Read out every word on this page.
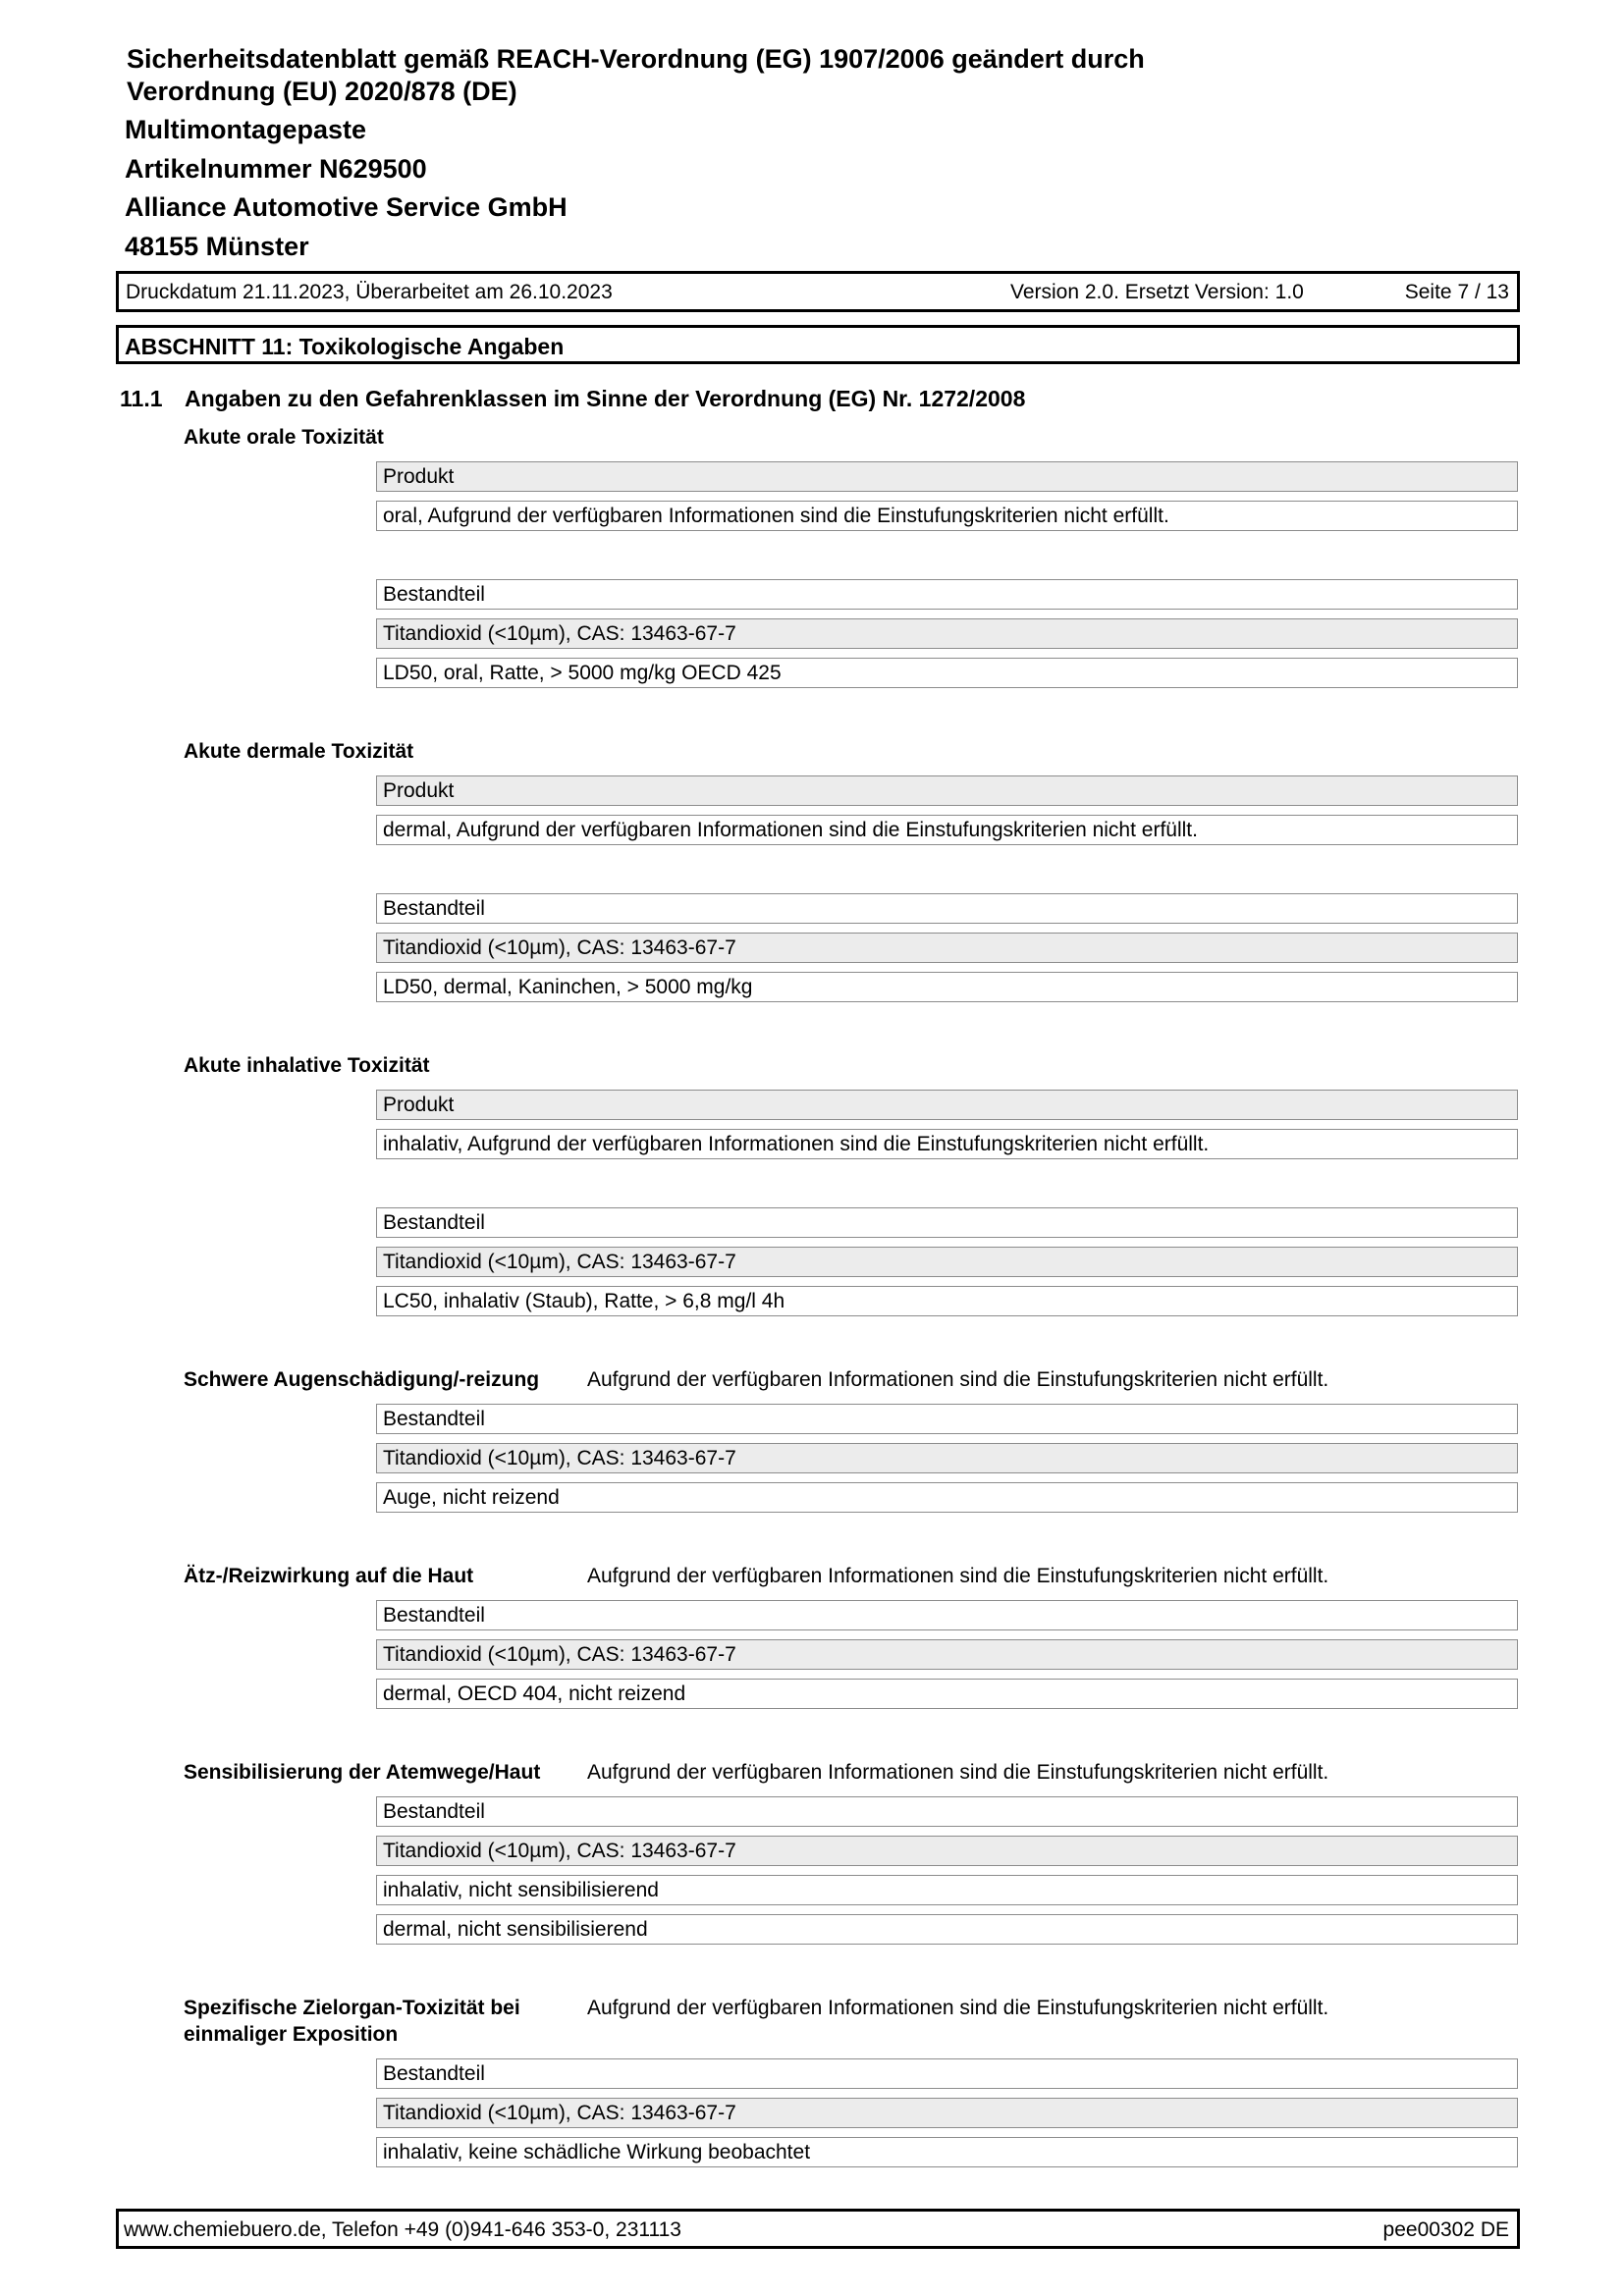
Sicherheitsdatenblatt gemäß REACH-Verordnung (EG) 1907/2006 geändert durch
Verordnung (EU) 2020/878 (DE)
Multimontagepaste
Artikelnummer N629500
Alliance Automotive Service GmbH
48155 Münster
Druckdatum 21.11.2023, Überarbeitet am 26.10.2023	Version 2.0. Ersetzt Version: 1.0	Seite 7 / 13
ABSCHNITT 11: Toxikologische Angaben
11.1 Angaben zu den Gefahrenklassen im Sinne der Verordnung (EG) Nr. 1272/2008
Akute orale Toxizität
Produkt
oral, Aufgrund der verfügbaren Informationen sind die Einstufungskriterien nicht erfüllt.
Bestandteil
Titandioxid (<10µm), CAS: 13463-67-7
LD50, oral, Ratte, > 5000 mg/kg OECD 425
Akute dermale Toxizität
Produkt
dermal, Aufgrund der verfügbaren Informationen sind die Einstufungskriterien nicht erfüllt.
Bestandteil
Titandioxid (<10µm), CAS: 13463-67-7
LD50, dermal, Kaninchen, > 5000 mg/kg
Akute inhalative Toxizität
Produkt
inhalativ, Aufgrund der verfügbaren Informationen sind die Einstufungskriterien nicht erfüllt.
Bestandteil
Titandioxid (<10µm), CAS: 13463-67-7
LC50, inhalativ (Staub), Ratte, > 6,8 mg/l 4h
Schwere Augenschädigung/-reizung Aufgrund der verfügbaren Informationen sind die Einstufungskriterien nicht erfüllt.
Bestandteil
Titandioxid (<10µm), CAS: 13463-67-7
Auge, nicht reizend
Ätz-/Reizwirkung auf die Haut	Aufgrund der verfügbaren Informationen sind die Einstufungskriterien nicht erfüllt.
Bestandteil
Titandioxid (<10µm), CAS: 13463-67-7
dermal, OECD 404, nicht reizend
Sensibilisierung der Atemwege/Haut Aufgrund der verfügbaren Informationen sind die Einstufungskriterien nicht erfüllt.
Bestandteil
Titandioxid (<10µm), CAS: 13463-67-7
inhalativ, nicht sensibilisierend
dermal, nicht sensibilisierend
Spezifische Zielorgan-Toxizität bei
einmaliger Exposition
Aufgrund der verfügbaren Informationen sind die Einstufungskriterien nicht erfüllt.
Bestandteil
Titandioxid (<10µm), CAS: 13463-67-7
inhalativ, keine schädliche Wirkung beobachtet
www.chemiebuero.de, Telefon +49 (0)941-646 353-0, 231113	pee00302 DE
